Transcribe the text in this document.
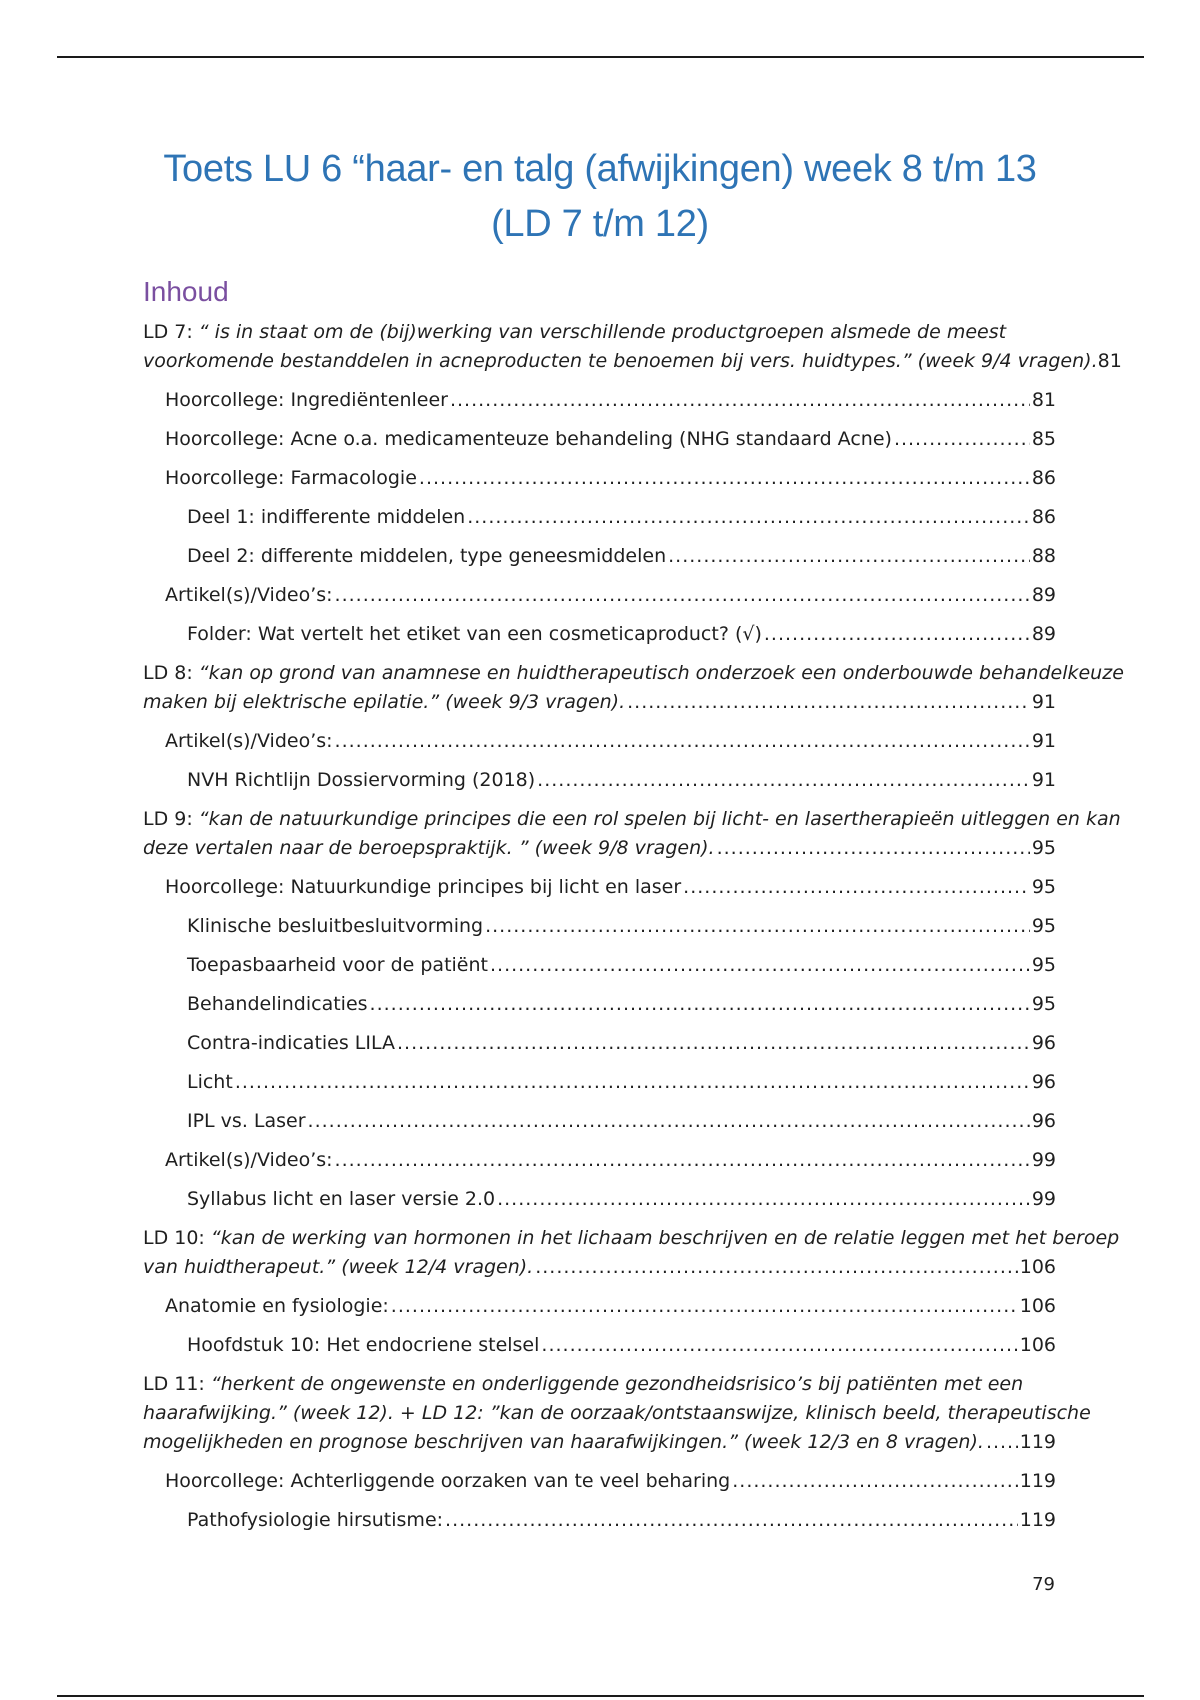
Toets LU 6 “haar- en talg (afwijkingen) week 8 t/m 13
(LD 7 t/m 12)
Inhoud
LD 7: “ is in staat om de (bij)werking van verschillende productgroepen alsmede de meest
voorkomende bestanddelen in acneproducten te benoemen bij vers. huidtypes.” (week 9/4 vragen). 81
Hoorcollege: Ingrediëntenleer .....	81
Hoorcollege: Acne o.a. medicamenteuze behandeling (NHG standaard Acne) .....	85
Hoorcollege: Farmacologie .....	86
Deel 1: indifferente middelen .....	86
Deel 2: differente middelen, type geneesmiddelen .....	88
Artikel(s)/Video’s: .....	89
Folder: Wat vertelt het etiket van een cosmeticaproduct? (√) .....	89
LD 8: “kan op grond van anamnese en huidtherapeutisch onderzoek een onderbouwde behandelkeuze
maken bij elektrische epilatie.” (week 9/3 vragen). .....	91
Artikel(s)/Video’s: .....	91
NVH Richtlijn Dossiervorming (2018) .....	91
LD 9: “kan de natuurkundige principes die een rol spelen bij licht- en lasertherapieën uitleggen en kan
deze vertalen naar de beroepspraktijk. ” (week 9/8 vragen). .....	95
Hoorcollege: Natuurkundige principes bij licht en laser .....	95
Klinische besluitbesluitvorming .....	95
Toepasbaarheid voor de patiënt .....	95
Behandelindicaties .....	95
Contra-indicaties LILA .....	96
Licht .....	96
IPL vs. Laser .....	96
Artikel(s)/Video’s: .....	99
Syllabus licht en laser versie 2.0 .....	99
LD 10: “kan de werking van hormonen in het lichaam beschrijven en de relatie leggen met het beroep
van huidtherapeut.” (week 12/4 vragen). .....	106
Anatomie en fysiologie: .....	106
Hoofdstuk 10: Het endocriene stelsel .....	106
LD 11: “herkent de ongewenste en onderliggende gezondheidsrisico’s bij patiënten met een
haarafwijking.” (week 12). + LD 12: ”kan de oorzaak/ontstaanswijze, klinisch beeld, therapeutische
mogelijkheden en prognose beschrijven van haarafwijkingen.” (week 12/3 en 8 vragen). ..... 119
Hoorcollege: Achterliggende oorzaken van te veel beharing .....	119
Pathofysiologie hirsutisme: .....	119
79
